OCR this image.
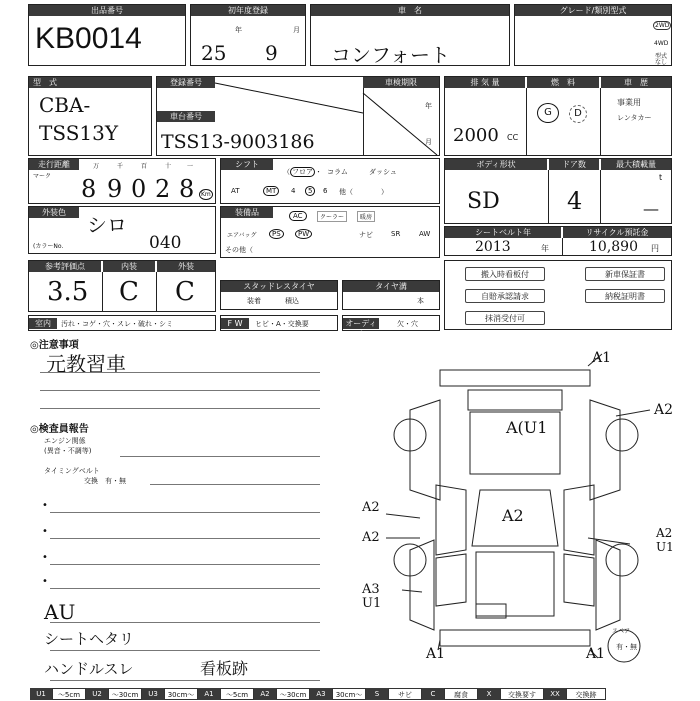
出品番号
KB0014
初年度登録
年	月
25 9
車　名
コンフォート
グレード/類別型式
2WD
4WD
型式なし
型　式
CBA-
TSS13Y
登録番号
車台番号
車検期限
年
月
TSS13-9003186
排 気 量	燃　料	車　歴
2000 CC
G	D
事業用
レンタカー
走行距離
マーク
万	千	百	十	一
8 9 0 2 8	Km
シフト
（ フロア ・ コラム	ダッシュ
AT	MT	4	5	6 他（　　　　）
ボディ形状	ドア数	最大積載量
SD	4
t
—
外装色
シロ
(カラーNo.	040
装備品	AC	クーラー	暖房
エアバッグ	PS	PW	ナビ	SR	AW
その他（
シートベルト年	リサイクル預託金
2013	年	10,890 円
参考評価点	内装	外装
3.5 C C	スタッドレスタイヤ
装着	積込
タイヤ溝
本
搬入時看板付	新車保証書
自賠承認請求	納税証明書
抹消受付可
室内	汚れ・コゲ・穴・スレ・破れ・シミ	F W	ヒビ・A・交換要	オーディオ
欠・穴
◎注意事項
元教習車
◎検査員報告
エンジン関係
(異音・不調等)
タイミングベルト
交換　有・無
•
•
•
•
AU
シートヘタリ
ハンドルスレ	看板跡
A1
A2
A(U1
A2
A2
A2	A2
U1
A3
U1
A1	A1
スペア
有・無
U1	～5cm	U2	～30cm	U3	30cm～	A1	～5cm	A2	～30cm	A3	30cm～	S	サビ	C	腐食	X	交換要す	XX	交換跡
